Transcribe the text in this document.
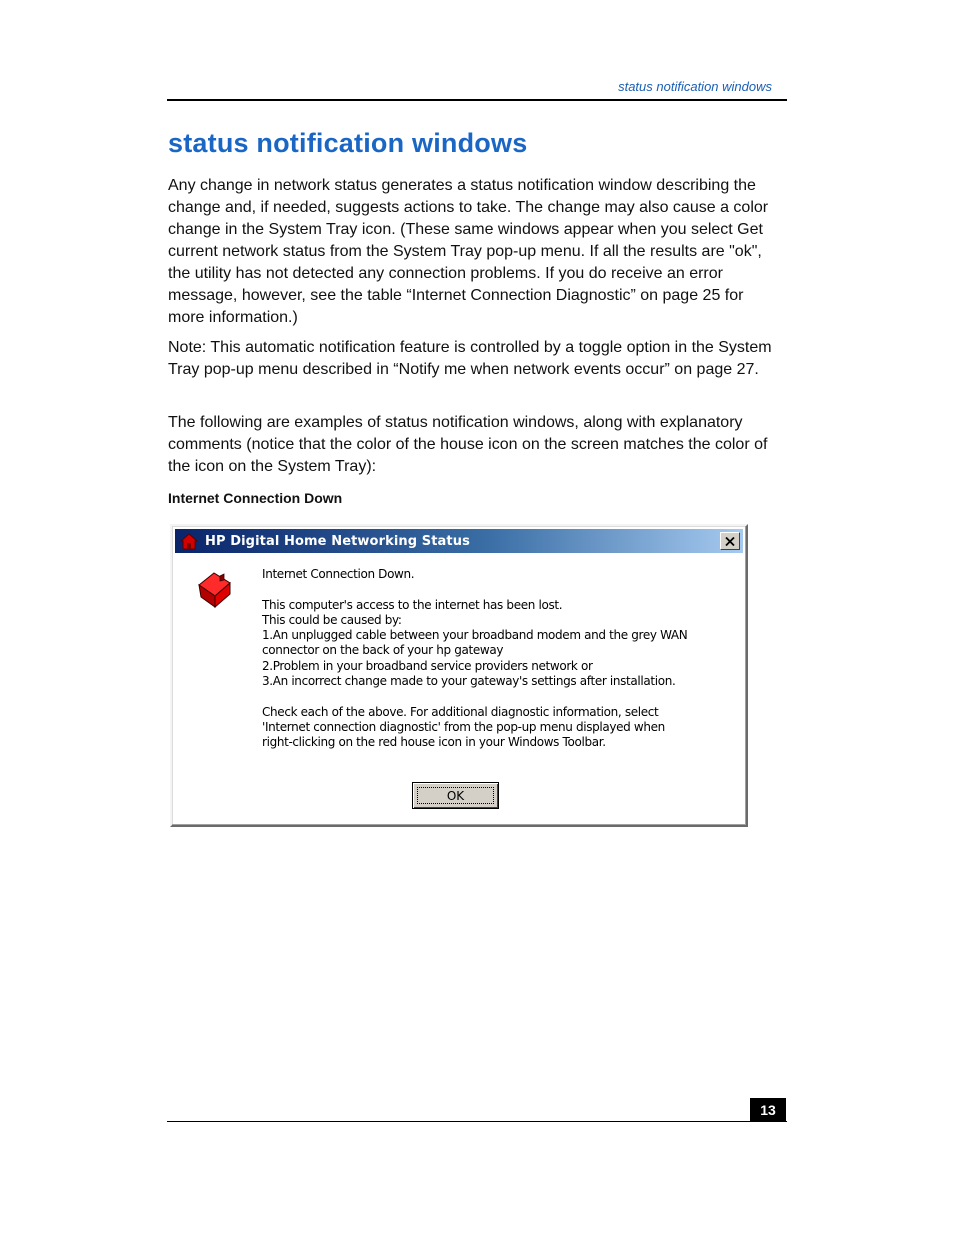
status notification windows
status notification windows

Any change in network status generates a status notification window describing the change and, if needed, suggests actions to take. The change may also cause a color change in the System Tray icon. (These same windows appear when you select Get current network status from the System Tray pop-up menu. If all the results are "ok", the utility has not detected any connection problems. If you do receive an error message, however, see the table “Internet Connection Diagnostic” on page 25 for more information.)

Note: This automatic notification feature is controlled by a toggle option in the System Tray pop-up menu described in “Notify me when network events occur” on page 27.

The following are examples of status notification windows, along with explanatory comments (notice that the color of the house icon on the screen matches the color of the icon on the System Tray):

Internet Connection Down
HP Digital Home Networking Status
Internet Connection Down.
This computer's access to the internet has been lost.
This could be caused by:
1.An unplugged cable between your broadband modem and the grey WAN
connector on the back of your hp gateway
2.Problem in your broadband service providers network or
3.An incorrect change made to your gateway's settings after installation.
Check each of the above. For additional diagnostic information, select
'Internet connection diagnostic' from the pop-up menu displayed when
right-clicking on the red house icon in your Windows Toolbar.
OK
13
